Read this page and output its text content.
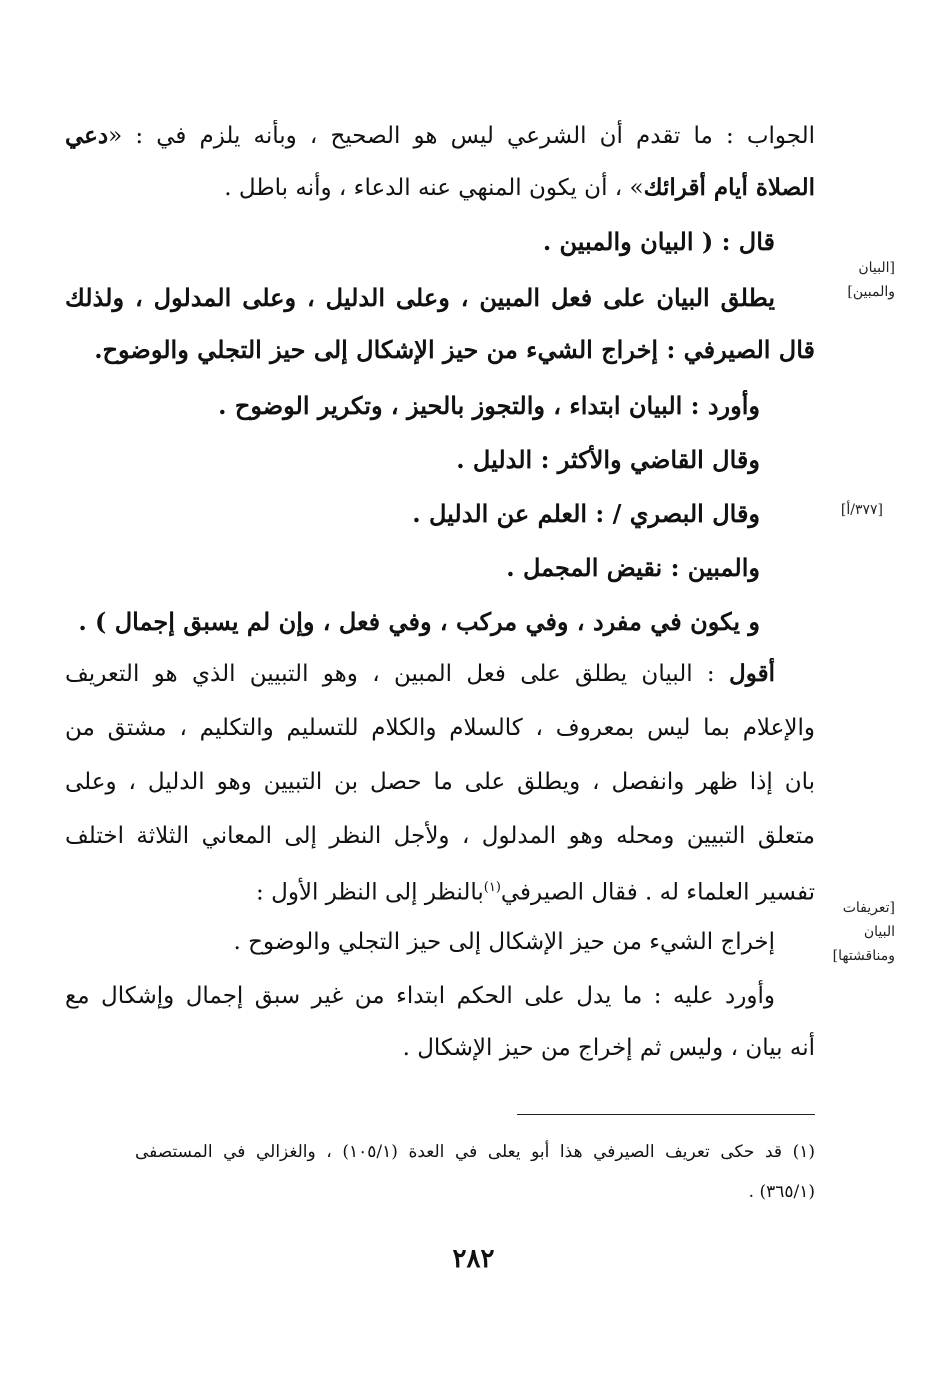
الجواب : ما تقدم أن الشرعي ليس هو الصحيح ، وبأنه يلزم في : «دعي
الصلاة أيام أقرائك» ، أن يكون المنهي عنه الدعاء ، وأنه باطل .
قال : ( البيان والمبين .
يطلق البيان على فعل المبين ، وعلى الدليل ، وعلى المدلول ، ولذلك
قال الصيرفي : إخراج الشيء من حيز الإشكال إلى حيز التجلي والوضوح.
وأورد : البيان ابتداء ، والتجوز بالحيز ، وتكرير الوضوح .
وقال القاضي والأكثر : الدليل .
وقال البصري / : العلم عن الدليل .
والمبين : نقيض المجمل .
و يكون في مفرد ، وفي مركب ، وفي فعل ، وإن لم يسبق إجمال ) .
أقول : البيان يطلق على فعل المبين ، وهو التبيين الذي هو التعريف
والإعلام بما ليس بمعروف ، كالسلام والكلام للتسليم والتكليم ، مشتق من
بان إذا ظهر وانفصل ، ويطلق على ما حصل بن التبيين وهو الدليل ، وعلى
متعلق التبيين ومحله وهو المدلول ، ولأجل النظر إلى المعاني الثلاثة اختلف
تفسير العلماء له . فقال الصيرفي$^{(١)}$بالنظر إلى النظر الأول :
إخراج الشيء من حيز الإشكال إلى حيز التجلي والوضوح .
وأورد عليه : ما يدل على الحكم ابتداء من غير سبق إجمال وإشكال مع
أنه بيان ، وليس ثم إخراج من حيز الإشكال .
[البيان
والمبين]
[٣٧٧/أ]
[تعريفات
البيان
ومناقشتها]
(١) قد حكى تعريف الصيرفي هذا أبو يعلى في العدة (١٠٥/١) ، والغزالي في المستصفى
(٣٦٥/١) .
٢٨٢
